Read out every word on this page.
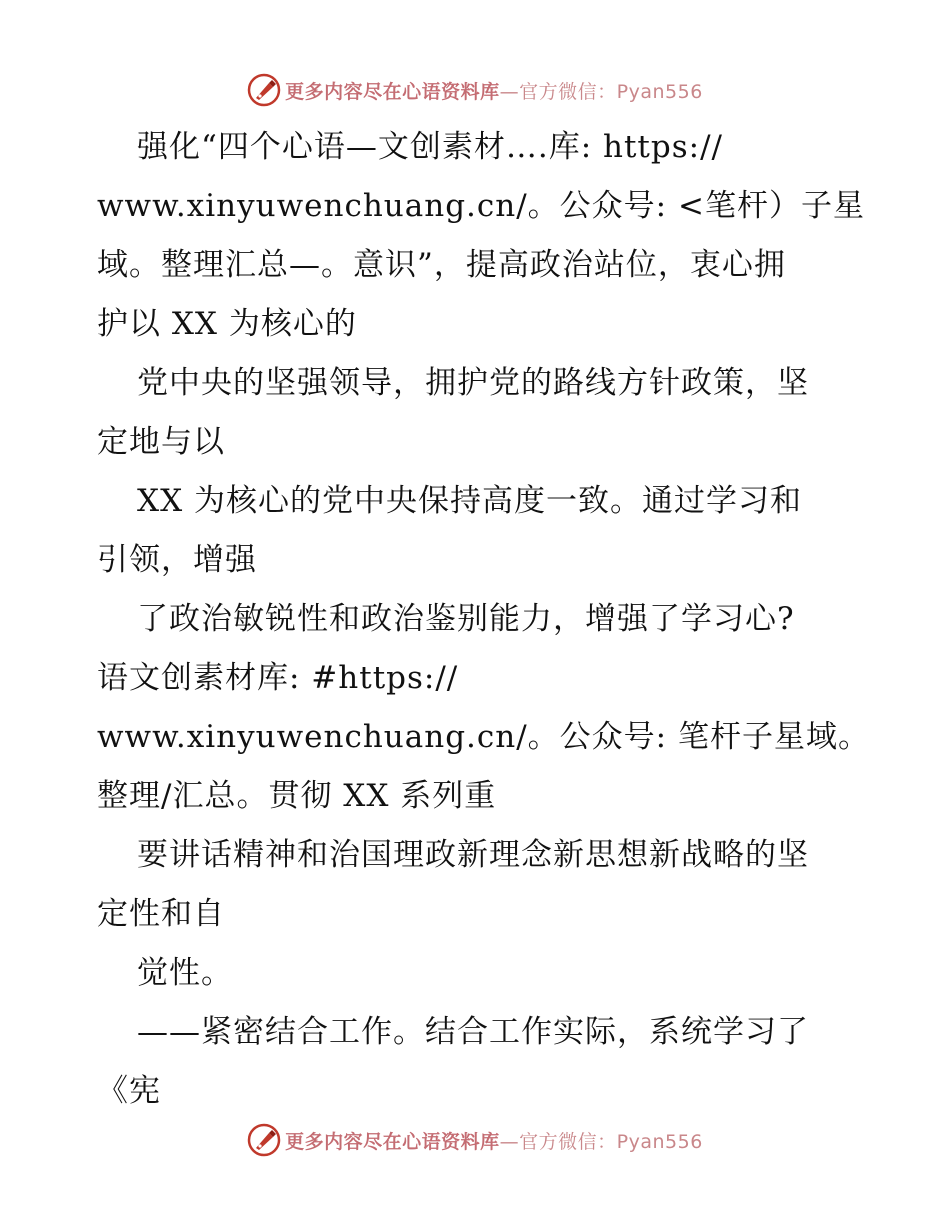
更多内容尽在心语资料库—官方微信：Pyan556
强化“四个心语—文创素材….库: https://
www.xinyuwenchuang.cn/。公众号: <笔杆）子星
域。整理汇总—。意识”，提高政治站位，衷心拥
护以 XX 为核心的
党中央的坚强领导，拥护党的路线方针政策，坚
定地与以
XX 为核心的党中央保持高度一致。通过学习和
引领，增强
了政治敏锐性和政治鉴别能力，增强了学习心?
语文创素材库: #https://
www.xinyuwenchuang.cn/。公众号: 笔杆子星域。
整理/汇总。贯彻 XX 系列重
要讲话精神和治国理政新理念新思想新战略的坚
定性和自
觉性。
——紧密结合工作。结合工作实际，系统学习了
《宪
更多内容尽在心语资料库—官方微信：Pyan556
